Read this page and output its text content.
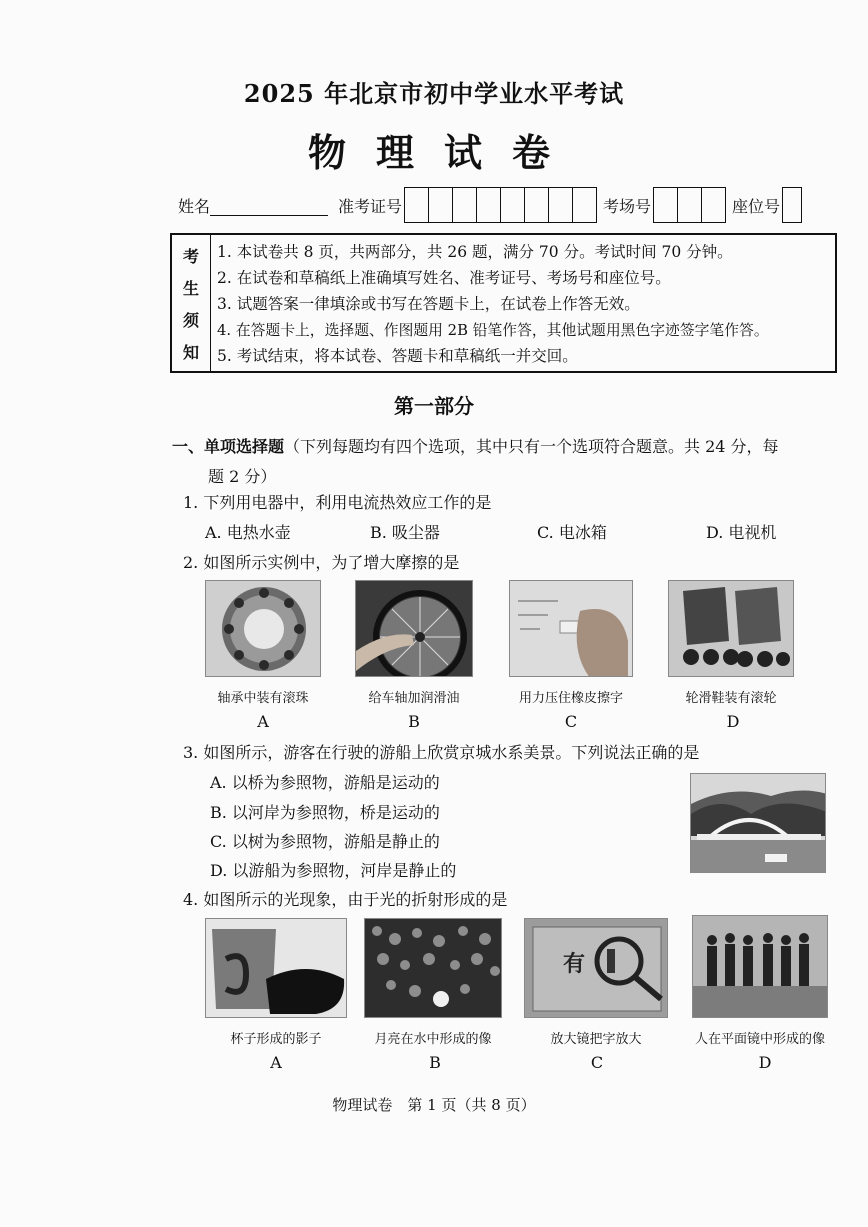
2025 年北京市初中学业水平考试
物理试卷
姓名	准考证号	考场号	座位号
考
生
须
知
1. 本试卷共 8 页，共两部分，共 26 题，满分 70 分。考试时间 70 分钟。
2. 在试卷和草稿纸上准确填写姓名、准考证号、考场号和座位号。
3. 试题答案一律填涂或书写在答题卡上，在试卷上作答无效。
4. 在答题卡上，选择题、作图题用 2B 铅笔作答，其他试题用黑色字迹签字笔作答。
5. 考试结束，将本试卷、答题卡和草稿纸一并交回。
第一部分
一、单项选择题（下列每题均有四个选项，其中只有一个选项符合题意。共 24 分，每
题 2 分）
1. 下列用电器中，利用电流热效应工作的是
A. 电热水壶	B. 吸尘器	C. 电冰箱	D. 电视机
2. 如图所示实例中，为了增大摩擦的是
轴承中装有滚珠	给车轴加润滑油	用力压住橡皮擦字	轮滑鞋装有滚轮
A	B	C	D
3. 如图所示，游客在行驶的游船上欣赏京城水系美景。下列说法正确的是
A. 以桥为参照物，游船是运动的
B. 以河岸为参照物，桥是运动的
C. 以树为参照物，游船是静止的
D. 以游船为参照物，河岸是静止的
4. 如图所示的光现象，由于光的折射形成的是
有
杯子形成的影子	月亮在水中形成的像	放大镜把字放大	人在平面镜中形成的像
A	B	C	D
物理试卷　第 1 页（共 8 页）
